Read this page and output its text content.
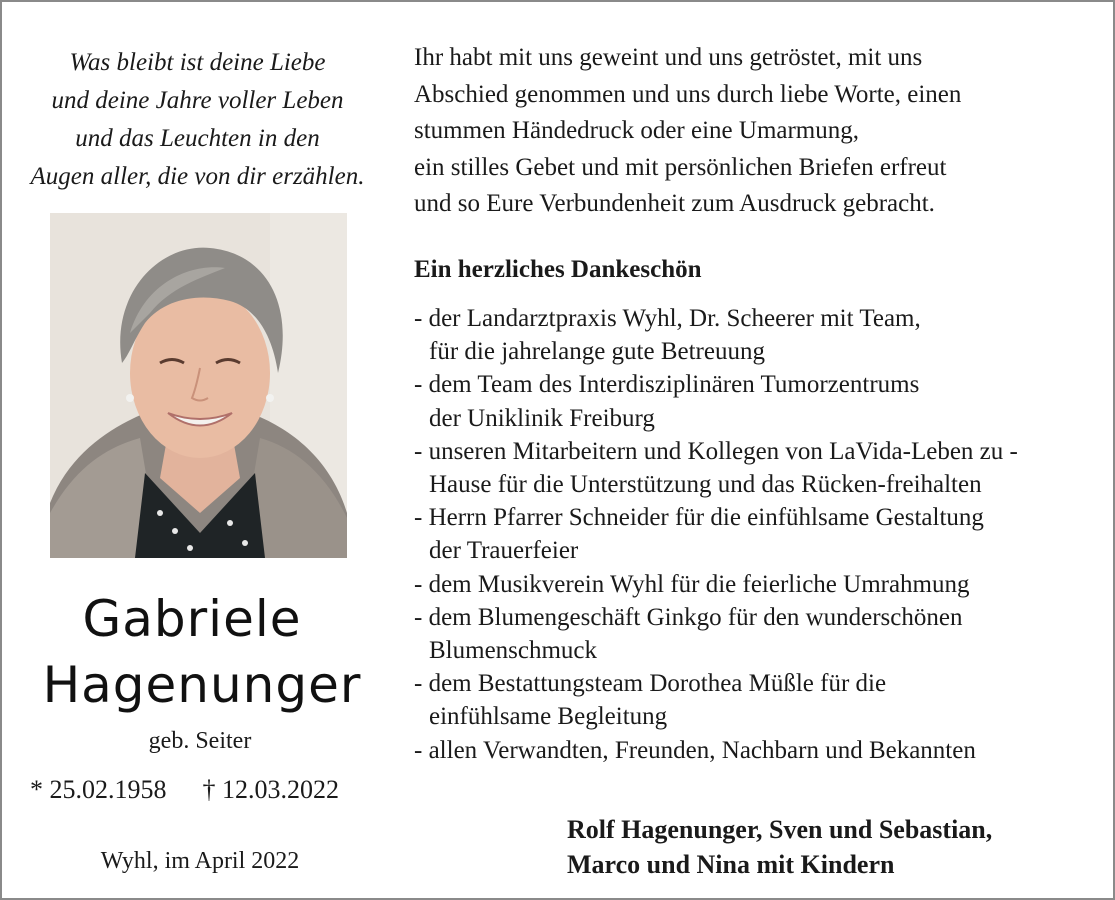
Was bleibt ist deine Liebe
und deine Jahre voller Leben
und das Leuchten in den
Augen aller, die von dir erzählen.
Gabriele
Hagenunger
geb. Seiter
* 25.02.1958 † 12.03.2022
Wyhl, im April 2022
Ihr habt mit uns geweint und uns getröstet, mit uns
Abschied genommen und uns durch liebe Worte, einen
stummen Händedruck oder eine Umarmung,
ein stilles Gebet und mit persönlichen Briefen erfreut
und so Eure Verbundenheit zum Ausdruck gebracht.
Ein herzliches Dankeschön
- der Landarztpraxis Wyhl, Dr. Scheerer mit Team,
für die jahrelange gute Betreuung
- dem Team des Interdisziplinären Tumorzentrums
der Uniklinik Freiburg
- unseren Mitarbeitern und Kollegen von LaVida-Leben zu -
Hause für die Unterstützung und das Rücken-freihalten
- Herrn Pfarrer Schneider für die einfühlsame Gestaltung
der Trauerfeier
- dem Musikverein Wyhl für die feierliche Umrahmung
- dem Blumengeschäft Ginkgo für den wunderschönen
Blumenschmuck
- dem Bestattungsteam Dorothea Müßle für die
einfühlsame Begleitung
- allen Verwandten, Freunden, Nachbarn und Bekannten
Rolf Hagenunger, Sven und Sebastian,
Marco und Nina mit Kindern
